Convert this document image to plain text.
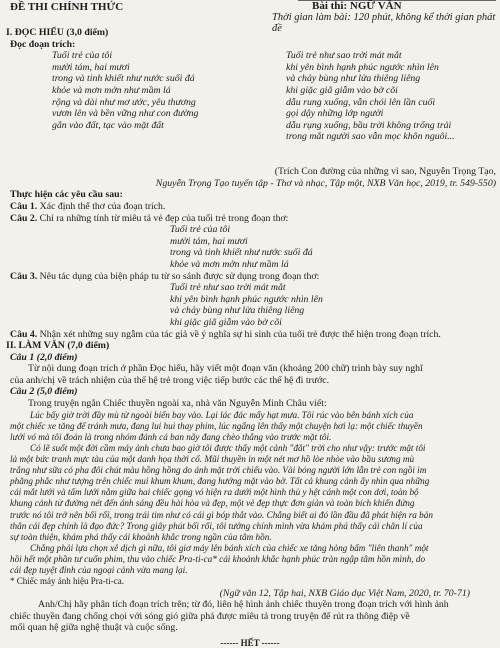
ĐỀ THI CHÍNH THỨC	Bài thi: NGỮ VĂN
Thời gian làm bài: 120 phút, không kể thời gian phát đề
I. ĐỌC HIỂU (3,0 điểm)
Đọc đoạn trích:
Tuổi trẻ của tôi
mười tám, hai mươi
trong và tinh khiết như nước suối đá
khỏe và mơn mởn như mầm lá
rộng và dài như mơ ước, yêu thương
vươn lên và bền vững như con đường
gắn vào đất, tạc vào mặt đất
Tuổi trẻ như sao trời mát mắt
khi yên bình hạnh phúc ngước nhìn lên
và chảy bùng như lửa thiêng liêng
khi giặc giã giẫm vào bờ cõi
dẫu rung xuống, vẫn chói lên lần cuối
gọi dậy những lớp người
dẫu rụng xuống, bầu trời không trống trải
trong mắt người sao vẫn mọc khôn nguôi...
(Trích Con đường của những vì sao, Nguyễn Trọng Tạo,
Nguyễn Trọng Tạo tuyển tập - Thơ và nhạc, Tập một, NXB Văn học, 2019, tr. 549-550)
Thực hiện các yêu cầu sau:
Câu 1. Xác định thể thơ của đoạn trích.
Câu 2. Chỉ ra những tính từ miêu tả vẻ đẹp của tuổi trẻ trong đoạn thơ:
Tuổi trẻ của tôi
mười tám, hai mươi
trong và tinh khiết như nước suối đá
khỏe và mơn mởn như mầm lá
Câu 3. Nêu tác dụng của biện pháp tu từ so sánh được sử dụng trong đoạn thơ:
Tuổi trẻ như sao trời mát mắt
khi yên bình hạnh phúc ngước nhìn lên
và chảy bùng như lửa thiêng liêng
khi giặc giã giẫm vào bờ cõi
Câu 4. Nhận xét những suy ngẫm của tác giả về ý nghĩa sự hi sinh của tuổi trẻ được thể hiện trong đoạn trích.
II. LÀM VĂN (7,0 điểm)
Câu 1 (2,0 điểm)
Từ nội dung đoạn trích ở phần Đọc hiểu, hãy viết một đoạn văn (khoảng 200 chữ) trình bày suy nghĩ
của anh/chị về trách nhiệm của thế hệ trẻ trong việc tiếp bước các thế hệ đi trước.
Câu 2 (5,0 điểm)
Trong truyện ngắn Chiếc thuyền ngoài xa, nhà văn Nguyễn Minh Châu viết:
Lúc bấy giờ trời đầy mù từ ngoài biển bay vào. Lại lác đác mấy hạt mưa. Tôi rúc vào bên bánh xích của
một chiếc xe tăng để tránh mưa, đang lui hui thay phim, lúc ngẩng lên thấy một chuyện hơi lạ: một chiếc thuyền
lưới vó mà tôi đoán là trong nhóm đánh cá ban nãy đang chèo thẳng vào trước mặt tôi.
Có lẽ suốt một đời cầm máy ảnh chưa bao giờ tôi được thấy một cảnh "đắt" trời cho như vậy: trước mặt tôi
là một bức tranh mực tàu của một danh họa thời cổ. Mũi thuyền in một nét mơ hồ lòe nhòe vào bầu sương mù
trắng như sữa có pha đôi chút màu hồng hồng do ánh mặt trời chiếu vào. Vài bóng người lớn lẫn trẻ con ngồi im
phăng phắc như tượng trên chiếc mui khum khum, đang hướng mặt vào bờ. Tất cả khung cảnh ấy nhìn qua những
cái mắt lưới và tấm lưới nằm giữa hai chiếc gọng vó hiện ra dưới một hình thù y hệt cánh một con dơi, toàn bộ
khung cảnh từ đường nét đến ánh sáng đều hài hòa và đẹp, một vẻ đẹp thực đơn giản và toàn bích khiến đứng
trước nó tôi trở nên bối rối, trong trái tim như có cái gì bóp thắt vào. Chẳng biết ai đó lần đầu đã phát hiện ra bản
thân cái đẹp chính là đạo đức? Trong giây phút bối rối, tôi tưởng chính mình vừa khám phá thấy cái chân lí của
sự toàn thiện, khám phá thấy cái khoảnh khắc trong ngần của tâm hồn.
Chẳng phải lựa chọn xê dịch gì nữa, tôi giơ máy lên bánh xích của chiếc xe tăng hỏng bấm "liên thanh" một
hồi hết một phần tư cuốn phim, thu vào chiếc Pra-ti-ca* cái khoảnh khắc hạnh phúc tràn ngập tâm hồn mình, do
cái đẹp tuyệt đỉnh của ngoại cảnh vừa mang lại.
* Chiếc máy ảnh hiệu Pra-ti-ca.
(Ngữ văn 12, Tập hai, NXB Giáo dục Việt Nam, 2020, tr. 70-71)
Anh/Chị hãy phân tích đoạn trích trên; từ đó, liên hệ hình ảnh chiếc thuyền trong đoạn trích với hình ảnh
chiếc thuyền đang chống chọi với sóng gió giữa phá được miêu tả trong truyện để rút ra thông điệp về
mối quan hệ giữa nghệ thuật và cuộc sống.
------ HẾT ------
